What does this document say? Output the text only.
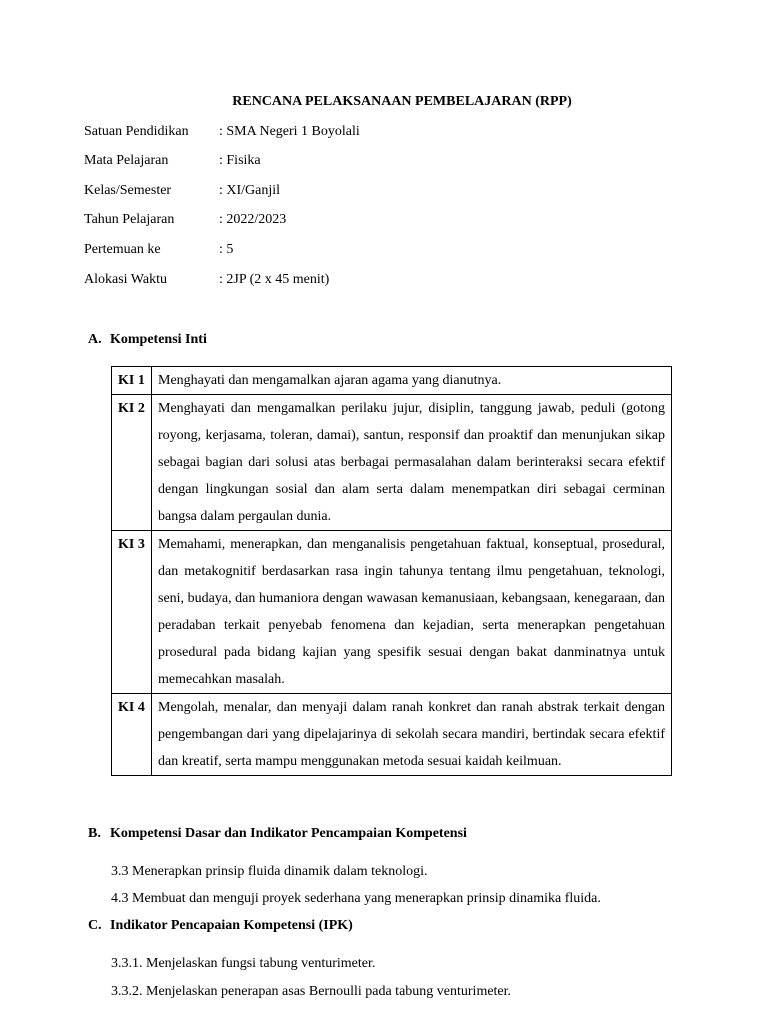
RENCANA PELAKSANAAN PEMBELAJARAN (RPP)
Satuan Pendidikan : SMA Negeri 1 Boyolali
Mata Pelajaran	: Fisika
Kelas/Semester	: XI/Ganjil
Tahun Pelajaran	: 2022/2023
Pertemuan ke	: 5
Alokasi Waktu	: 2JP (2 x 45 menit)
A. Kompetensi Inti
KI 1	Menghayati dan mengamalkan ajaran agama yang dianutnya.
KI 2	Menghayati dan mengamalkan perilaku jujur, disiplin, tanggung jawab, peduli (gotong royong, kerjasama, toleran, damai), santun, responsif dan proaktif dan menunjukan sikap sebagai bagian dari solusi atas berbagai permasalahan dalam berinteraksi secara efektif dengan lingkungan sosial dan alam serta dalam menempatkan diri sebagai cerminan bangsa dalam pergaulan dunia.
KI 3	Memahami, menerapkan, dan menganalisis pengetahuan faktual, konseptual, prosedural, dan metakognitif berdasarkan rasa ingin tahunya tentang ilmu pengetahuan, teknologi, seni, budaya, dan humaniora dengan wawasan kemanusiaan, kebangsaan, kenegaraan, dan peradaban terkait penyebab fenomena dan kejadian, serta menerapkan pengetahuan prosedural pada bidang kajian yang spesifik sesuai dengan bakat danminatnya untuk memecahkan masalah.
KI 4	Mengolah, menalar, dan menyaji dalam ranah konkret dan ranah abstrak terkait dengan pengembangan dari yang dipelajarinya di sekolah secara mandiri, bertindak secara efektif dan kreatif, serta mampu menggunakan metoda sesuai kaidah keilmuan.
B. Kompetensi Dasar dan Indikator Pencampaian Kompetensi
3.3 Menerapkan prinsip fluida dinamik dalam teknologi.
4.3 Membuat dan menguji proyek sederhana yang menerapkan prinsip dinamika fluida.
C. Indikator Pencapaian Kompetensi (IPK)
3.3.1. Menjelaskan fungsi tabung venturimeter.
3.3.2. Menjelaskan penerapan asas Bernoulli pada tabung venturimeter.
